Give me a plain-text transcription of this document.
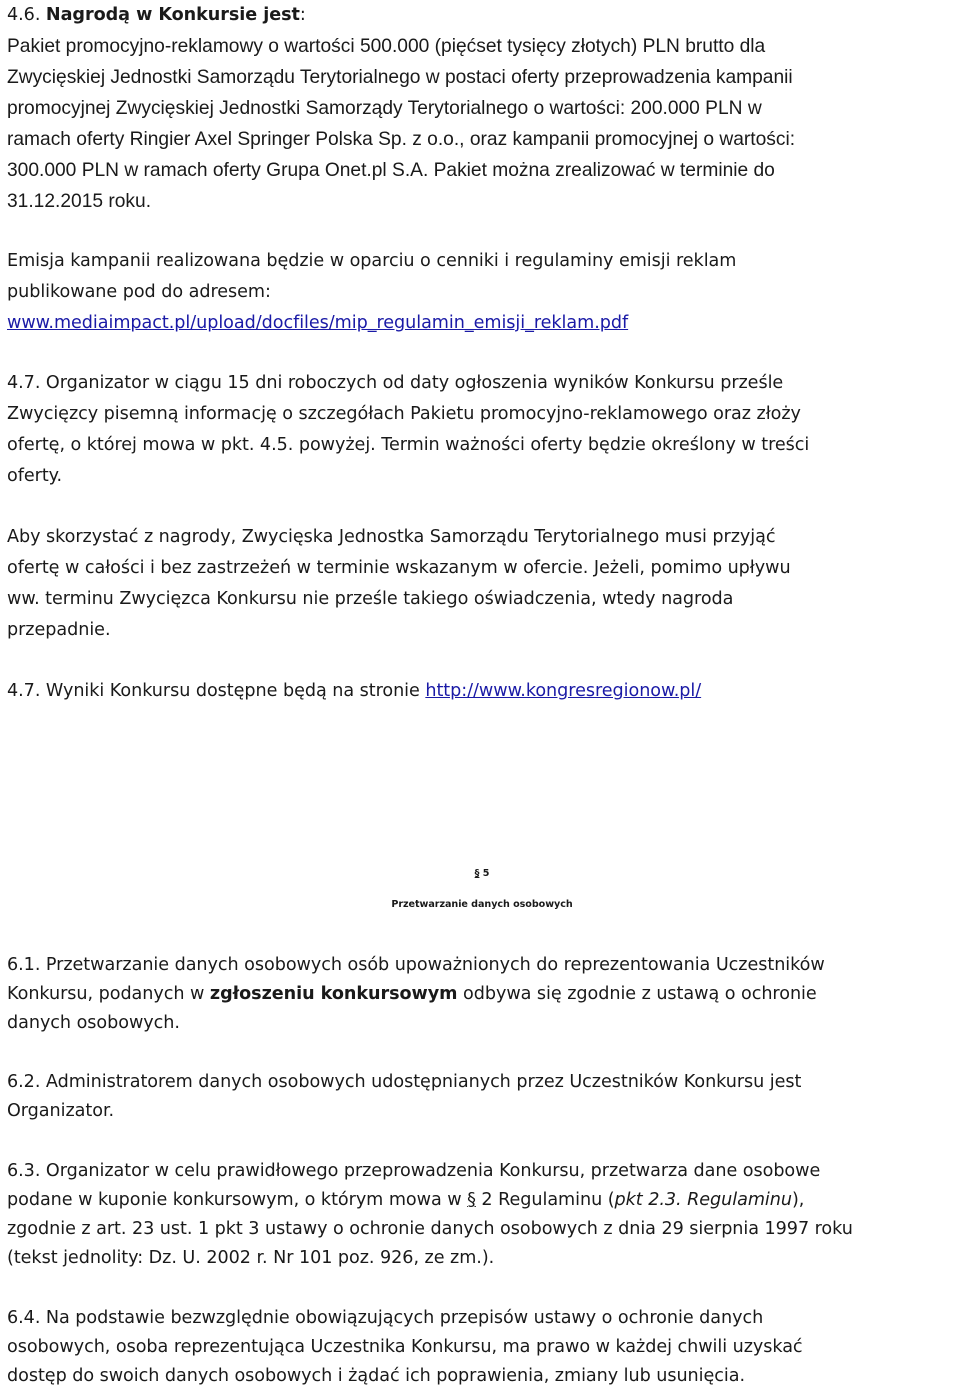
4.6. Nagrodą w Konkursie jest:
Pakiet promocyjno-reklamowy o wartości 500.000 (pięćset tysięcy złotych) PLN brutto dla
Zwycięskiej Jednostki Samorządu Terytorialnego w postaci oferty przeprowadzenia kampanii
promocyjnej Zwycięskiej Jednostki Samorządy Terytorialnego o wartości: 200.000 PLN w
ramach oferty Ringier Axel Springer Polska Sp. z o.o., oraz kampanii promocyjnej o wartości:
300.000 PLN w ramach oferty Grupa Onet.pl S.A. Pakiet można zrealizować w terminie do
31.12.2015 roku.
Emisja kampanii realizowana będzie w oparciu o cenniki i regulaminy emisji reklam
publikowane pod do adresem:
www.mediaimpact.pl/upload/docfiles/mip_regulamin_emisji_reklam.pdf
4.7. Organizator w ciągu 15 dni roboczych od daty ogłoszenia wyników Konkursu prześle
Zwycięzcy pisemną informację o szczegółach Pakietu promocyjno-reklamowego oraz złoży
ofertę, o której mowa w pkt. 4.5. powyżej. Termin ważności oferty będzie określony w treści
oferty.
Aby skorzystać z nagrody, Zwycięska Jednostka Samorządu Terytorialnego musi przyjąć
ofertę w całości i bez zastrzeżeń w terminie wskazanym w ofercie. Jeżeli, pomimo upływu
ww. terminu Zwycięzca Konkursu nie prześle takiego oświadczenia, wtedy nagroda
przepadnie.
4.7. Wyniki Konkursu dostępne będą na stronie http://www.kongresregionow.pl/
§ 5
Przetwarzanie danych osobowych
6.1. Przetwarzanie danych osobowych osób upoważnionych do reprezentowania Uczestników
Konkursu, podanych w zgłoszeniu konkursowym odbywa się zgodnie z ustawą o ochronie
danych osobowych.
6.2. Administratorem danych osobowych udostępnianych przez Uczestników Konkursu jest
Organizator.
6.3. Organizator w celu prawidłowego przeprowadzenia Konkursu, przetwarza dane osobowe
podane w kuponie konkursowym, o którym mowa w § 2 Regulaminu (pkt 2.3. Regulaminu),
zgodnie z art. 23 ust. 1 pkt 3 ustawy o ochronie danych osobowych z dnia 29 sierpnia 1997 roku
(tekst jednolity: Dz. U. 2002 r. Nr 101 poz. 926, ze zm.).
6.4. Na podstawie bezwzględnie obowiązujących przepisów ustawy o ochronie danych
osobowych, osoba reprezentująca Uczestnika Konkursu, ma prawo w każdej chwili uzyskać
dostęp do swoich danych osobowych i żądać ich poprawienia, zmiany lub usunięcia.
